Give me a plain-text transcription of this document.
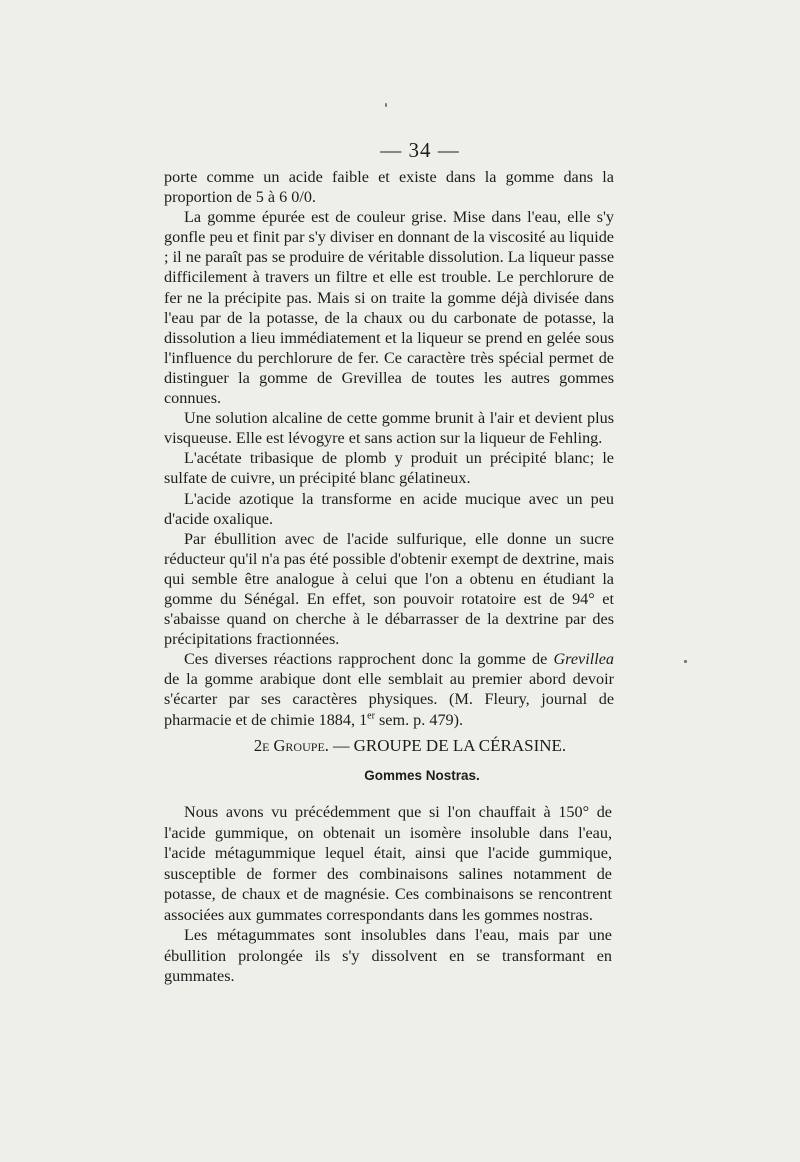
— 34 —

porte comme un acide faible et existe dans la gomme dans la proportion de 5 à 6 0/0.

La gomme épurée est de couleur grise. Mise dans l'eau, elle s'y gonfle peu et finit par s'y diviser en donnant de la viscosité au liquide ; il ne paraît pas se produire de véritable dissolution. La liqueur passe difficilement à travers un filtre et elle est trouble. Le perchlorure de fer ne la précipite pas. Mais si on traite la gomme déjà divisée dans l'eau par de la potasse, de la chaux ou du carbonate de potasse, la dissolution a lieu immédiatement et la liqueur se prend en gelée sous l'influence du perchlorure de fer. Ce caractère très spécial permet de distinguer la gomme de Grevillea de toutes les autres gommes connues.

Une solution alcaline de cette gomme brunit à l'air et devient plus visqueuse. Elle est lévogyre et sans action sur la liqueur de Fehling.

L'acétate tribasique de plomb y produit un précipité blanc; le sulfate de cuivre, un précipité blanc gélatineux.

L'acide azotique la transforme en acide mucique avec un peu d'acide oxalique.

Par ébullition avec de l'acide sulfurique, elle donne un sucre réducteur qu'il n'a pas été possible d'obtenir exempt de dextrine, mais qui semble être analogue à celui que l'on a obtenu en étudiant la gomme du Sénégal. En effet, son pouvoir rotatoire est de 94° et s'abaisse quand on cherche à le débarrasser de la dextrine par des précipitations fractionnées.

Ces diverses réactions rapprochent donc la gomme de Grevillea de la gomme arabique dont elle semblait au premier abord devoir s'écarter par ses caractères physiques. (M. Fleury, journal de pharmacie et de chimie 1884, 1er sem. p. 479).

2e Groupe. — GROUPE DE LA CÉRASINE.
Gommes Nostras.

Nous avons vu précédemment que si l'on chauffait à 150° de l'acide gummique, on obtenait un isomère insoluble dans l'eau, l'acide métagummique lequel était, ainsi que l'acide gummique, susceptible de former des combinaisons salines notamment de potasse, de chaux et de magnésie. Ces combinaisons se rencontrent associées aux gummates correspondants dans les gommes nostras.

Les métagummates sont insolubles dans l'eau, mais par une ébullition prolongée ils s'y dissolvent en se transformant en gummates.
